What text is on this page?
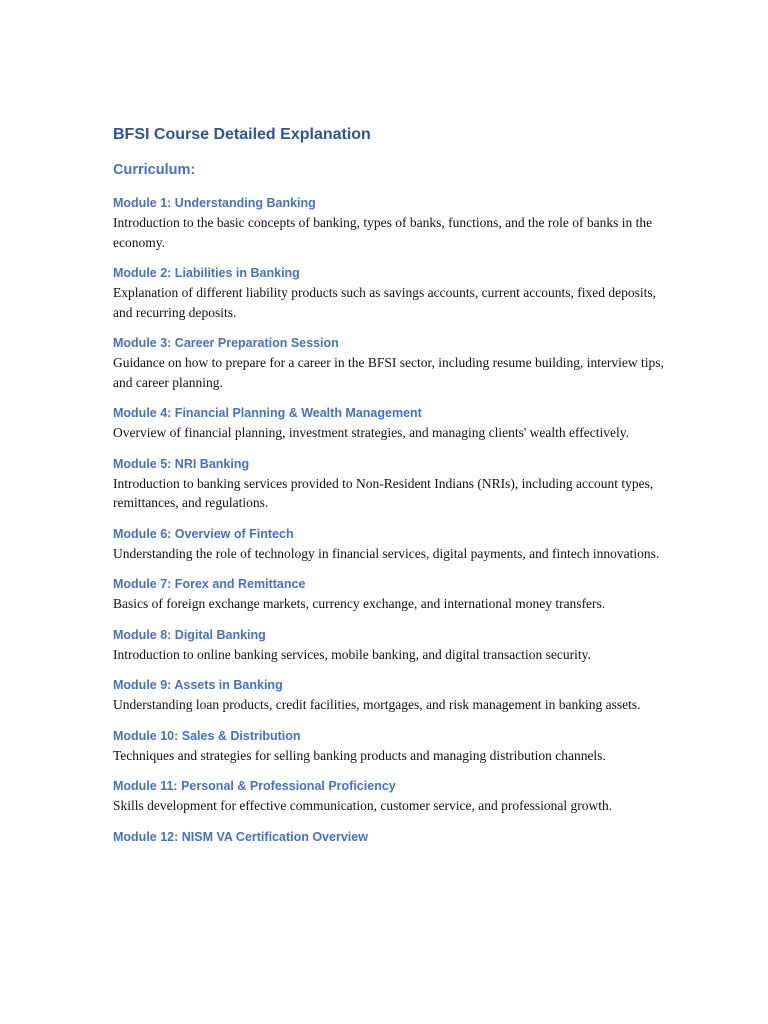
BFSI Course Detailed Explanation
Curriculum:
Module 1: Understanding Banking
Introduction to the basic concepts of banking, types of banks, functions, and the role of banks in the economy.
Module 2: Liabilities in Banking
Explanation of different liability products such as savings accounts, current accounts, fixed deposits, and recurring deposits.
Module 3: Career Preparation Session
Guidance on how to prepare for a career in the BFSI sector, including resume building, interview tips, and career planning.
Module 4: Financial Planning & Wealth Management
Overview of financial planning, investment strategies, and managing clients' wealth effectively.
Module 5: NRI Banking
Introduction to banking services provided to Non-Resident Indians (NRIs), including account types, remittances, and regulations.
Module 6: Overview of Fintech
Understanding the role of technology in financial services, digital payments, and fintech innovations.
Module 7: Forex and Remittance
Basics of foreign exchange markets, currency exchange, and international money transfers.
Module 8: Digital Banking
Introduction to online banking services, mobile banking, and digital transaction security.
Module 9: Assets in Banking
Understanding loan products, credit facilities, mortgages, and risk management in banking assets.
Module 10: Sales & Distribution
Techniques and strategies for selling banking products and managing distribution channels.
Module 11: Personal & Professional Proficiency
Skills development for effective communication, customer service, and professional growth.
Module 12: NISM VA Certification Overview
